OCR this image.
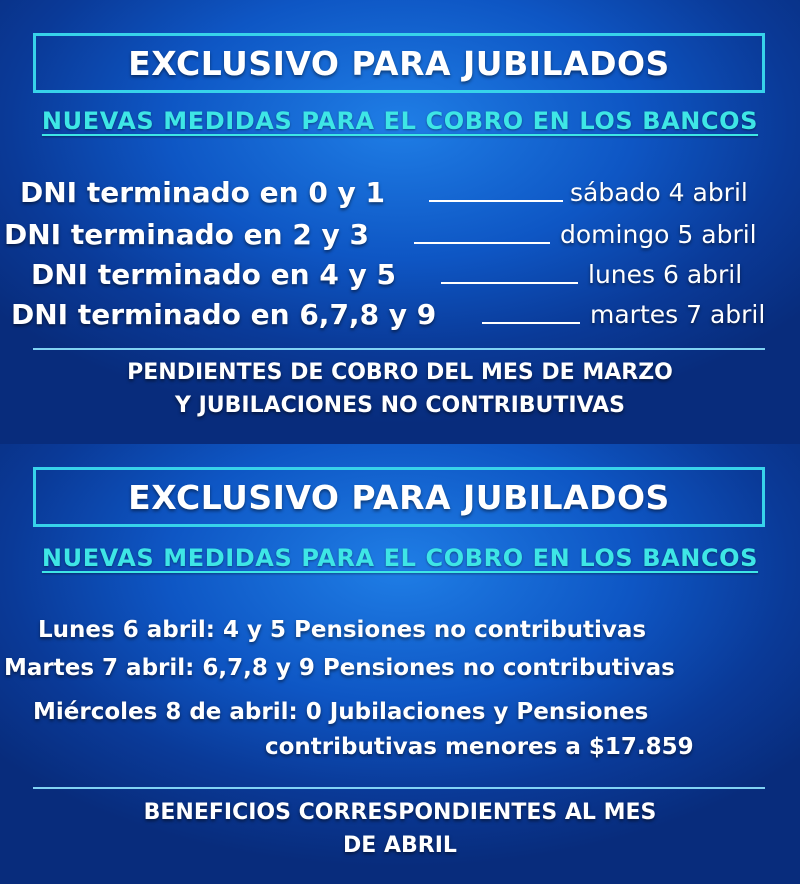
EXCLUSIVO PARA JUBILADOS
NUEVAS MEDIDAS PARA EL COBRO EN LOS BANCOS
DNI terminado en 0 y 1	sábado 4 abril
DNI terminado en 2 y 3	domingo 5 abril
DNI terminado en 4 y 5	lunes 6 abril
DNI terminado en 6,7,8 y 9	martes 7 abril
PENDIENTES DE COBRO DEL MES DE MARZO
Y JUBILACIONES NO CONTRIBUTIVAS
EXCLUSIVO PARA JUBILADOS
NUEVAS MEDIDAS PARA EL COBRO EN LOS BANCOS
Lunes 6 abril: 4 y 5 Pensiones no contributivas
Martes 7 abril: 6,7,8 y 9 Pensiones no contributivas
Miércoles 8 de abril: 0 Jubilaciones y Pensiones
contributivas menores a $17.859
BENEFICIOS CORRESPONDIENTES AL MES
DE ABRIL
